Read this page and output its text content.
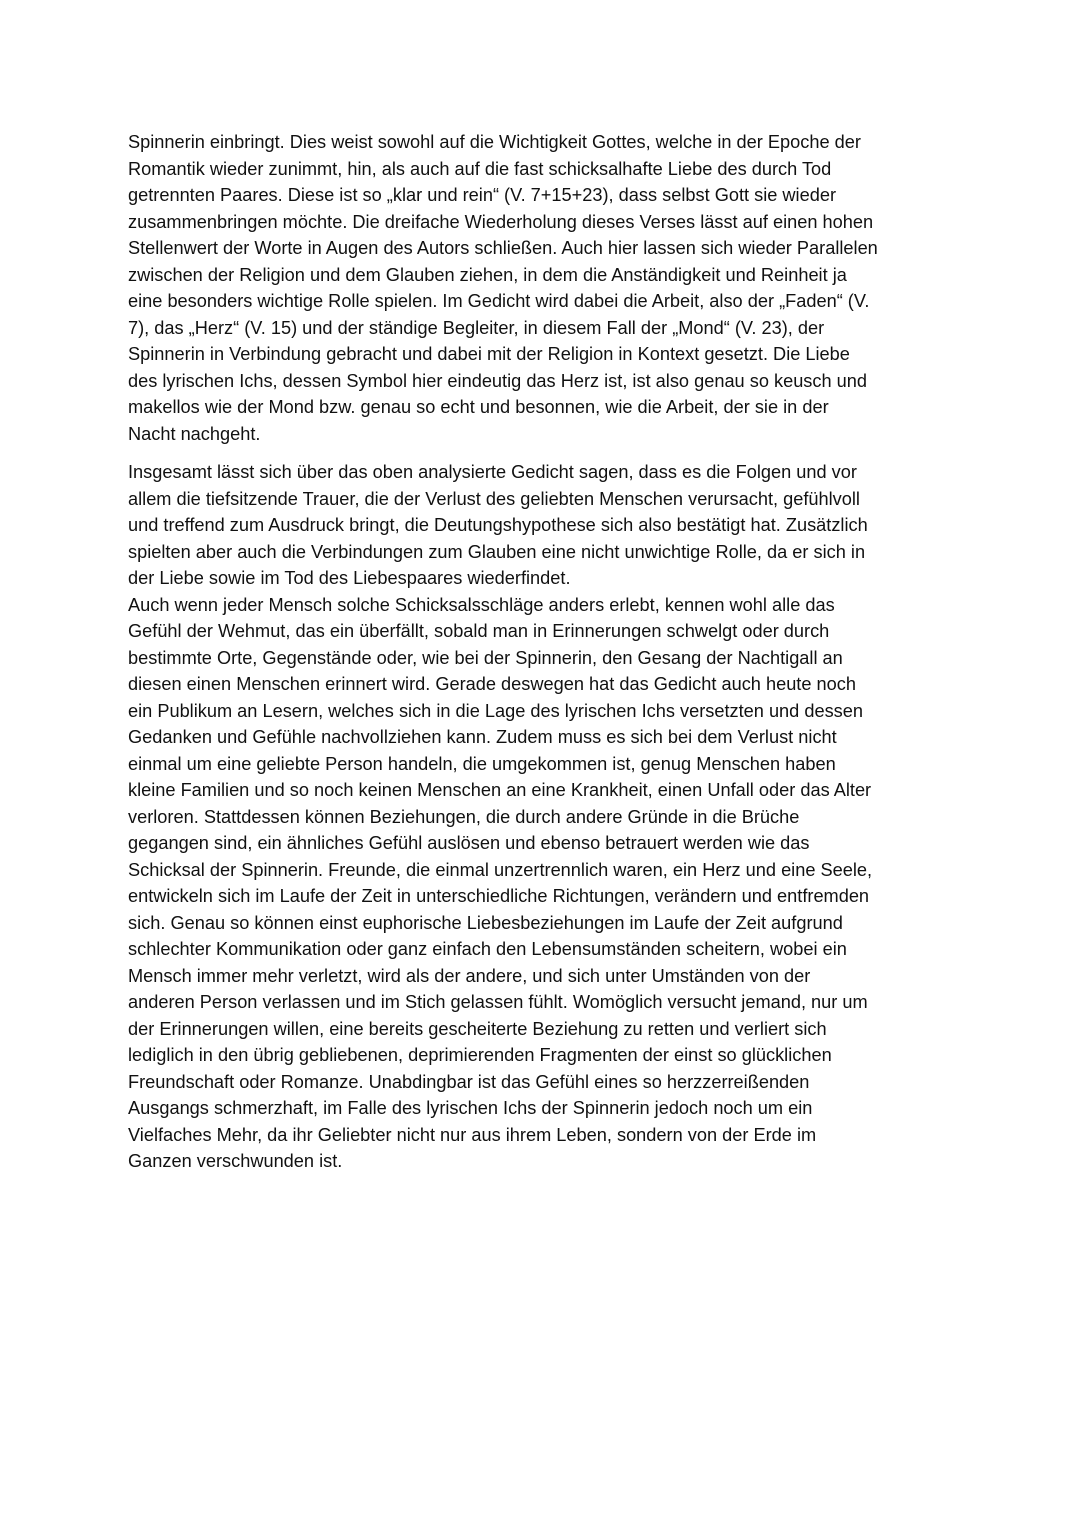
Spinnerin einbringt. Dies weist sowohl auf die Wichtigkeit Gottes, welche in der Epoche der
Romantik wieder zunimmt, hin, als auch auf die fast schicksalhafte Liebe des durch Tod
getrennten Paares. Diese ist so „klar und rein“ (V. 7+15+23), dass selbst Gott sie wieder
zusammenbringen möchte. Die dreifache Wiederholung dieses Verses lässt auf einen hohen
Stellenwert der Worte in Augen des Autors schließen. Auch hier lassen sich wieder Parallelen
zwischen der Religion und dem Glauben ziehen, in dem die Anständigkeit und Reinheit ja
eine besonders wichtige Rolle spielen. Im Gedicht wird dabei die Arbeit, also der „Faden“ (V.
7), das „Herz“ (V. 15) und der ständige Begleiter, in diesem Fall der „Mond“ (V. 23), der
Spinnerin in Verbindung gebracht und dabei mit der Religion in Kontext gesetzt. Die Liebe
des lyrischen Ichs, dessen Symbol hier eindeutig das Herz ist, ist also genau so keusch und
makellos wie der Mond bzw. genau so echt und besonnen, wie die Arbeit, der sie in der
Nacht nachgeht.
Insgesamt lässt sich über das oben analysierte Gedicht sagen, dass es die Folgen und vor
allem die tiefsitzende Trauer, die der Verlust des geliebten Menschen verursacht, gefühlvoll
und treffend zum Ausdruck bringt, die Deutungshypothese sich also bestätigt hat. Zusätzlich
spielten aber auch die Verbindungen zum Glauben eine nicht unwichtige Rolle, da er sich in
der Liebe sowie im Tod des Liebespaares wiederfindet.
Auch wenn jeder Mensch solche Schicksalsschläge anders erlebt, kennen wohl alle das
Gefühl der Wehmut, das ein überfällt, sobald man in Erinnerungen schwelgt oder durch
bestimmte Orte, Gegenstände oder, wie bei der Spinnerin, den Gesang der Nachtigall an
diesen einen Menschen erinnert wird. Gerade deswegen hat das Gedicht auch heute noch
ein Publikum an Lesern, welches sich in die Lage des lyrischen Ichs versetzten und dessen
Gedanken und Gefühle nachvollziehen kann. Zudem muss es sich bei dem Verlust nicht
einmal um eine geliebte Person handeln, die umgekommen ist, genug Menschen haben
kleine Familien und so noch keinen Menschen an eine Krankheit, einen Unfall oder das Alter
verloren. Stattdessen können Beziehungen, die durch andere Gründe in die Brüche
gegangen sind, ein ähnliches Gefühl auslösen und ebenso betrauert werden wie das
Schicksal der Spinnerin. Freunde, die einmal unzertrennlich waren, ein Herz und eine Seele,
entwickeln sich im Laufe der Zeit in unterschiedliche Richtungen, verändern und entfremden
sich. Genau so können einst euphorische Liebesbeziehungen im Laufe der Zeit aufgrund
schlechter Kommunikation oder ganz einfach den Lebensumständen scheitern, wobei ein
Mensch immer mehr verletzt, wird als der andere, und sich unter Umständen von der
anderen Person verlassen und im Stich gelassen fühlt. Womöglich versucht jemand, nur um
der Erinnerungen willen, eine bereits gescheiterte Beziehung zu retten und verliert sich
lediglich in den übrig gebliebenen, deprimierenden Fragmenten der einst so glücklichen
Freundschaft oder Romanze. Unabdingbar ist das Gefühl eines so herzzerreißenden
Ausgangs schmerzhaft, im Falle des lyrischen Ichs der Spinnerin jedoch noch um ein
Vielfaches Mehr, da ihr Geliebter nicht nur aus ihrem Leben, sondern von der Erde im
Ganzen verschwunden ist.
